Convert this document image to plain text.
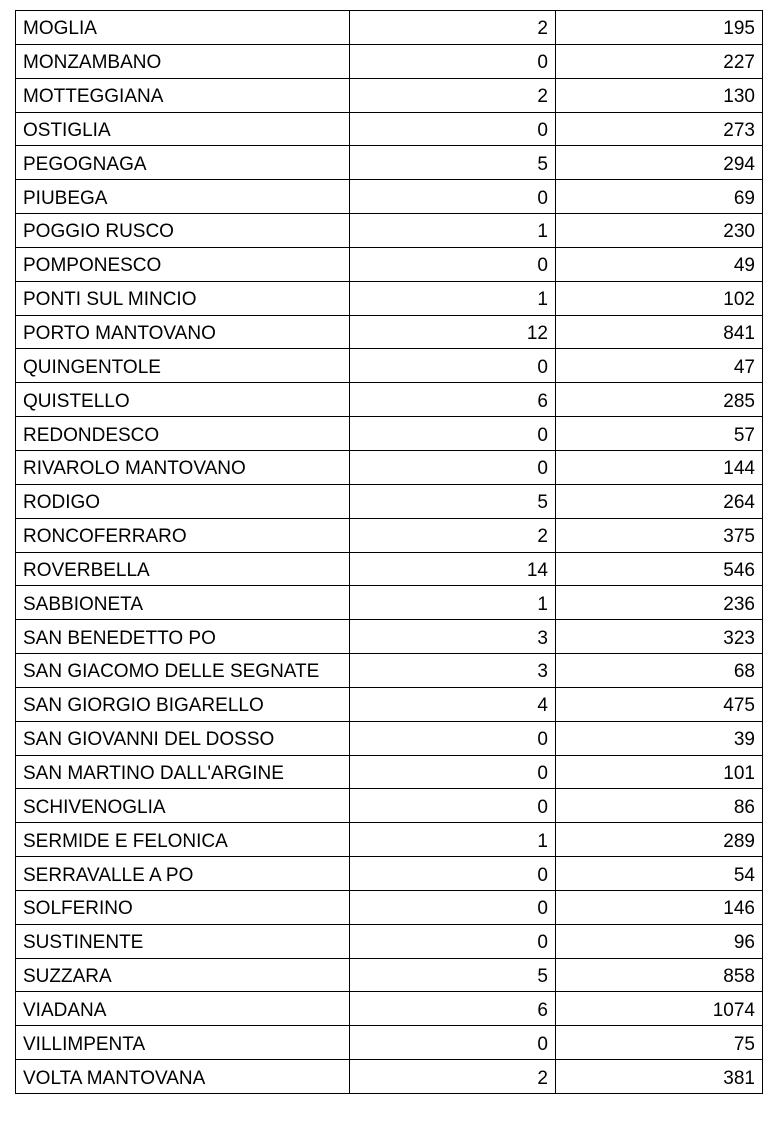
MOGLIA	2	195
MONZAMBANO	0	227
MOTTEGGIANA	2	130
OSTIGLIA	0	273
PEGOGNAGA	5	294
PIUBEGA	0	69
POGGIO RUSCO	1	230
POMPONESCO	0	49
PONTI SUL MINCIO	1	102
PORTO MANTOVANO	12	841
QUINGENTOLE	0	47
QUISTELLO	6	285
REDONDESCO	0	57
RIVAROLO MANTOVANO	0	144
RODIGO	5	264
RONCOFERRARO	2	375
ROVERBELLA	14	546
SABBIONETA	1	236
SAN BENEDETTO PO	3	323
SAN GIACOMO DELLE SEGNATE	3	68
SAN GIORGIO BIGARELLO	4	475
SAN GIOVANNI DEL DOSSO	0	39
SAN MARTINO DALL'ARGINE	0	101
SCHIVENOGLIA	0	86
SERMIDE E FELONICA	1	289
SERRAVALLE A PO	0	54
SOLFERINO	0	146
SUSTINENTE	0	96
SUZZARA	5	858
VIADANA	6	1074
VILLIMPENTA	0	75
VOLTA MANTOVANA	2	381
